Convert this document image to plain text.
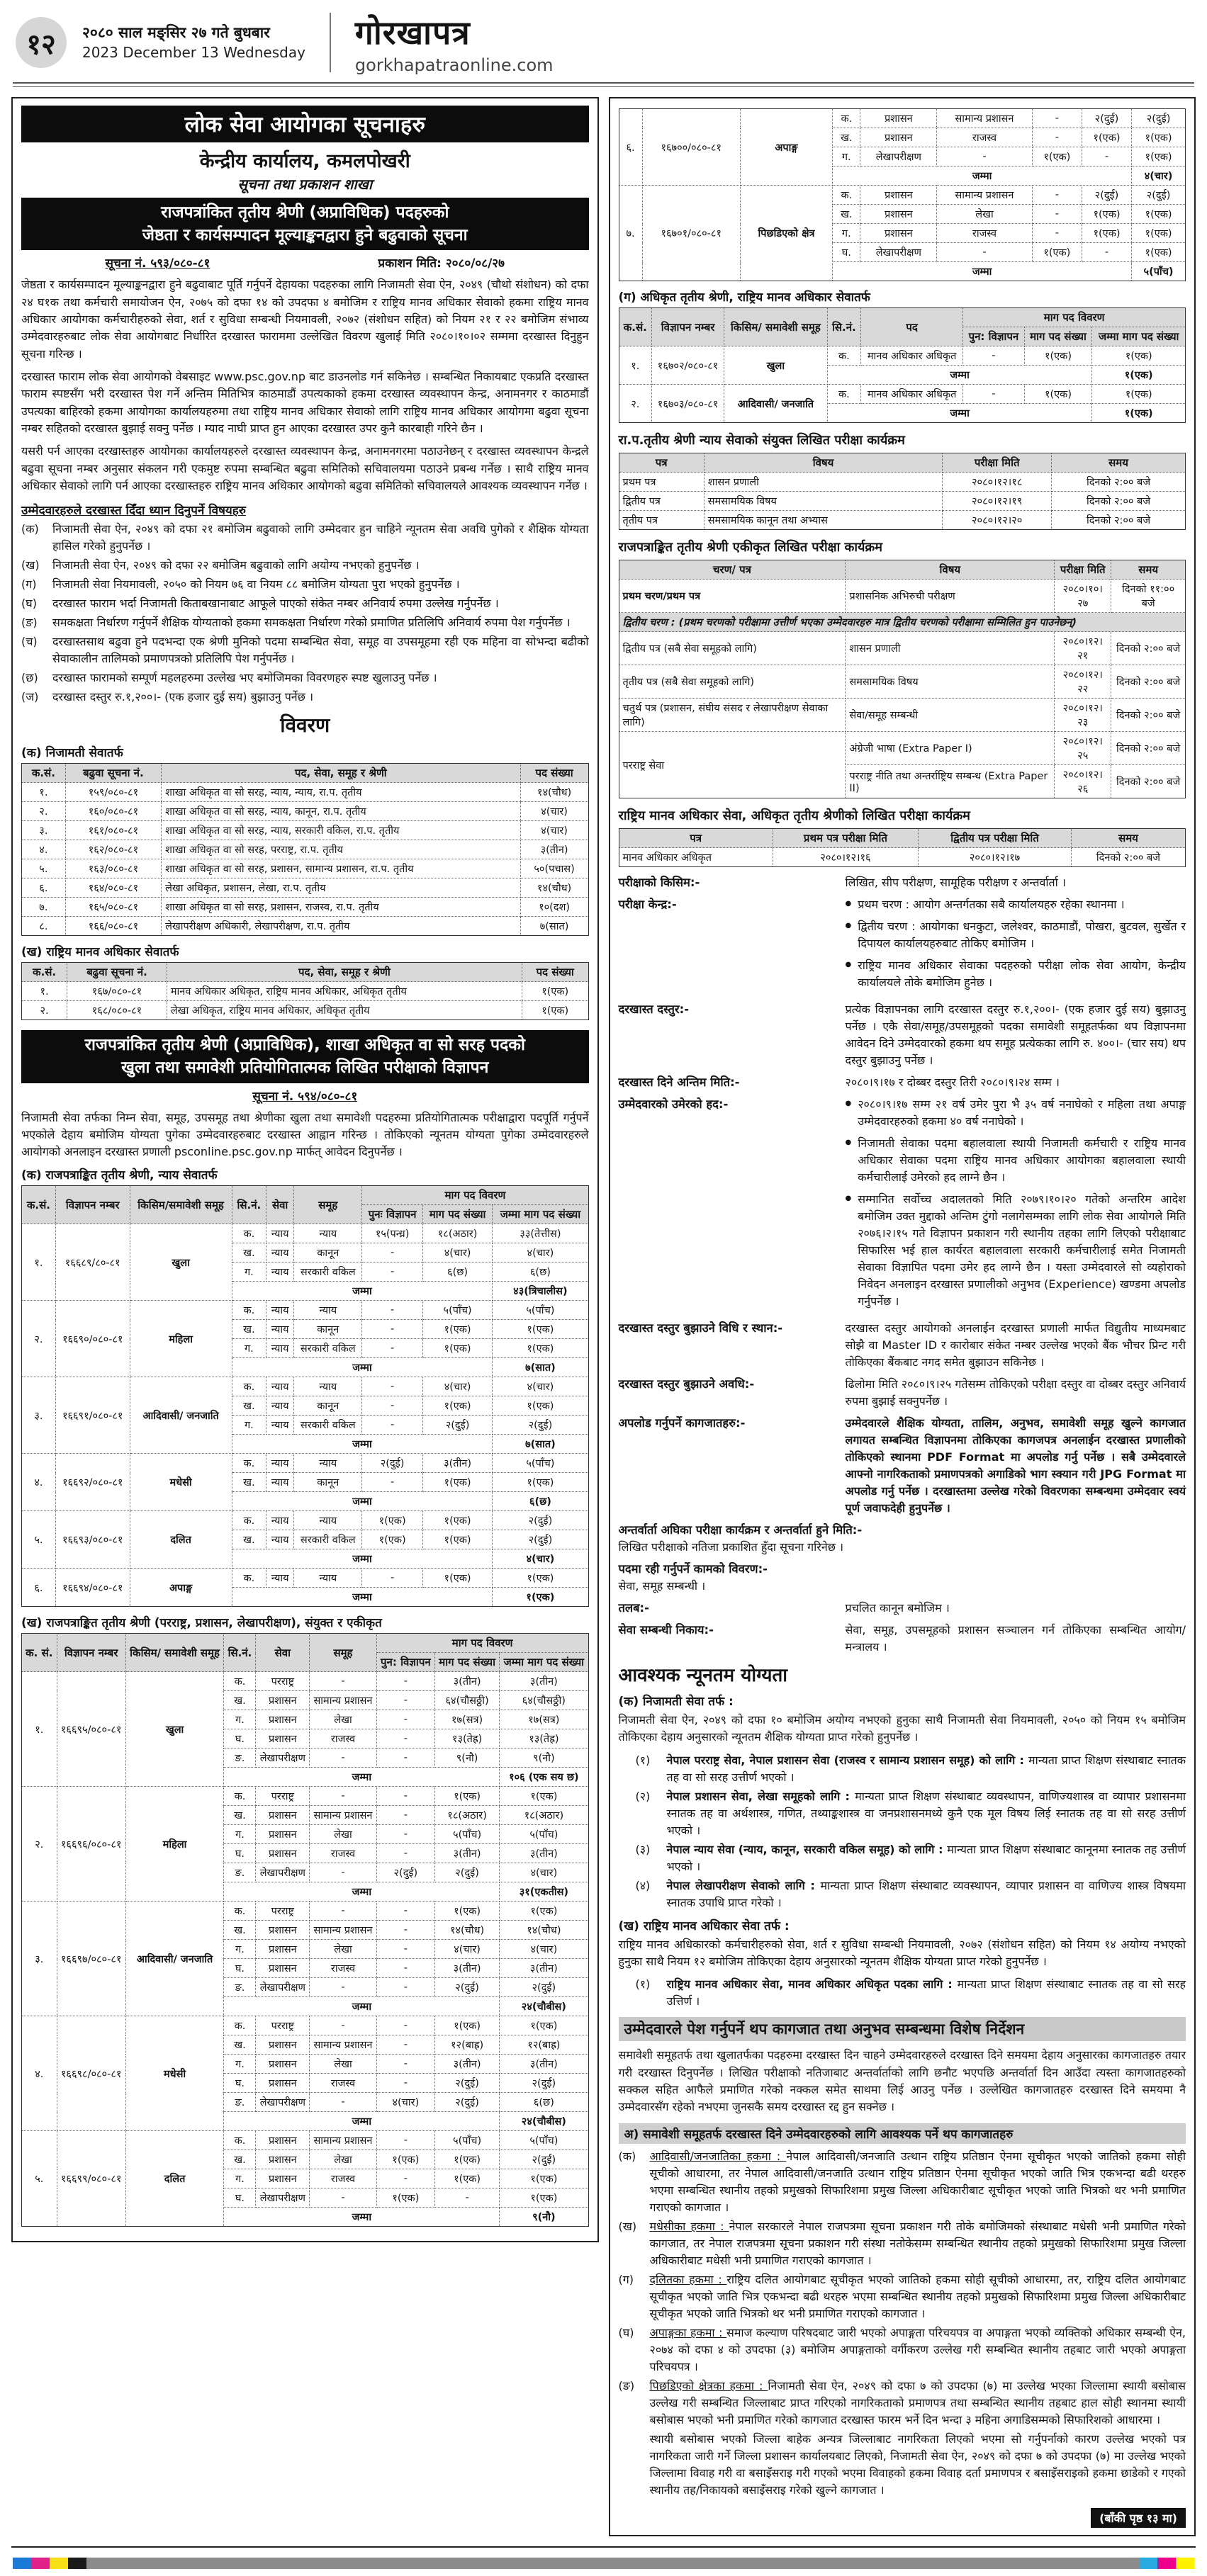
१२	२०८० साल मङ्सिर २७ गते बुधबार
2023 December 13 Wednesday
गोरखापत्र
gorkhapatraonline.com
लोक सेवा आयोगका सूचनाहरु
केन्द्रीय कार्यालय, कमलपोखरी
सूचना तथा प्रकाशन शाखा
राजपत्रांकित तृतीय श्रेणी (अप्राविधिक) पदहरुको
जेष्ठता र कार्यसम्पादन मूल्याङ्कनद्वारा हुने बढुवाको सूचना
सूचना नं. ५९३/०८०-८१	प्रकाशन मिति: २०८०/०८/२७

जेष्ठता र कार्यसम्पादन मूल्याङ्कनद्वारा हुने बढुवाबाट पूर्ति गर्नुपर्ने देहायका पदहरुका लागि निजामती सेवा ऐन, २०४९ (चौथो संशोधन) को दफा २४ घ१क तथा कर्मचारी समायोजन ऐन, २०७५ को दफा १४ को उपदफा ४ बमोजिम र राष्ट्रिय मानव अधिकार सेवाको हकमा राष्ट्रिय मानव अधिकार आयोगका कर्मचारीहरुको सेवा, शर्त र सुविधा सम्बन्धी नियमावली, २०७२ (संशोधन सहित) को नियम २१ र २२ बमोजिम संभाव्य उम्मेदवारहरुबाट लोक सेवा आयोगबाट निर्धारित दरखास्त फाराममा उल्लेखित विवरण खुलाई मिति २०८०।१०।०२ सम्ममा दरखास्त दिनुहुन सूचना गरिन्छ ।

दरखास्त फाराम लोक सेवा आयोगको वेबसाइट www.psc.gov.np बाट डाउनलोड गर्न सकिनेछ । सम्बन्धित निकायबाट एकप्रति दरखास्त फाराम स्पष्टसँग भरी दरखास्त पेश गर्ने अन्तिम मितिभित्र काठमाडौं उपत्यकाको हकमा दरखास्त व्यवस्थापन केन्द्र, अनामनगर र काठमाडौं उपत्यका बाहिरको हकमा आयोगका कार्यालयहरुमा तथा राष्ट्रिय मानव अधिकार सेवाको लागि राष्ट्रिय मानव अधिकार आयोगमा बढुवा सूचना नम्बर सहितको दरखास्त बुझाई सक्नु पर्नेछ । म्याद नाघी प्राप्त हुन आएका दरखास्त उपर कुनै कारबाही गरिने छैन ।

यसरी पर्न आएका दरखास्तहरु आयोगका कार्यालयहरुले दरखास्त व्यवस्थापन केन्द्र, अनामनगरमा पठाउनेछन् र दरखास्त व्यवस्थापन केन्द्रले बढुवा सूचना नम्बर अनुसार संकलन गरी एकमुष्ट रुपमा सम्बन्धित बढुवा समितिको सचिवालयमा पठाउने प्रबन्ध गर्नेछ । साथै राष्ट्रिय मानव अधिकार सेवाको लागि पर्न आएका दरखास्तहरु राष्ट्रिय मानव अधिकार आयोगको बढुवा समितिको सचिवालयले आवश्यक व्यवस्थापन गर्नेछ ।

उम्मेदवारहरुले दरखास्त दिँदा ध्यान दिनुपर्ने विषयहरु
(क)	निजामती सेवा ऐन, २०४९ को दफा २१ बमोजिम बढुवाको लागि उम्मेदवार हुन चाहिने न्यूनतम सेवा अवधि पुगेको र शैक्षिक योग्यता हासिल गरेको हुनुपर्नेछ ।
(ख)	निजामती सेवा ऐन, २०४९ को दफा २२ बमोजिम बढुवाको लागि अयोग्य नभएको हुनुपर्नेछ ।
(ग)	निजामती सेवा नियमावली, २०५० को नियम ७६ वा नियम ८८ बमोजिम योग्यता पुरा भएको हुनुपर्नेछ ।
(घ)	दरखास्त फाराम भर्दा निजामती किताबखानाबाट आफूले पाएको संकेत नम्बर अनिवार्य रुपमा उल्लेख गर्नुपर्नेछ ।
(ङ)	समकक्षता निर्धारण गर्नुपर्ने शैक्षिक योग्यताको हकमा समकक्षता निर्धारण गरेको प्रमाणित प्रतिलिपि अनिवार्य रुपमा पेश गर्नुपर्नेछ ।
(च)	दरखास्तसाथ बढुवा हुने पदभन्दा एक श्रेणी मुनिको पदमा सम्बन्धित सेवा, समूह वा उपसमूहमा रही एक महिना वा सोभन्दा बढीको सेवाकालीन तालिमको प्रमाणपत्रको प्रतिलिपि पेश गर्नुपर्नेछ ।
(छ)	दरखास्त फारामको सम्पूर्ण महलहरुमा उल्लेख भए बमोजिमका विवरणहरु स्पष्ट खुलाउनु पर्नेछ ।
(ज)	दरखास्त दस्तुर रु.१,२००।- (एक हजार दुई सय) बुझाउनु पर्नेछ ।
विवरण
(क) निजामती सेवातर्फ
क.सं.	बढुवा सूचना नं.	पद, सेवा, समूह र श्रेणी	पद संख्या
१.	१५९/०८०-८१	शाखा अधिकृत वा सो सरह, न्याय, न्याय, रा.प. तृतीय	१४(चौध)
२.	१६०/०८०-८१	शाखा अधिकृत वा सो सरह, न्याय, कानून, रा.प. तृतीय	४(चार)
३.	१६१/०८०-८१	शाखा अधिकृत वा सो सरह, न्याय, सरकारी वकिल, रा.प. तृतीय	४(चार)
४.	१६२/०८०-८१	शाखा अधिकृत वा सो सरह, परराष्ट्र, रा.प. तृतीय	३(तीन)
५.	१६३/०८०-८१	शाखा अधिकृत वा सो सरह, प्रशासन, सामान्य प्रशासन, रा.प. तृतीय	५०(पचास)
६.	१६४/०८०-८१	लेखा अधिकृत, प्रशासन, लेखा, रा.प. तृतीय	१४(चौध)
७.	१६५/०८०-८१	शाखा अधिकृत वा सो सरह, प्रशासन, राजस्व, रा.प. तृतीय	१०(दश)
८.	१६६/०८०-८१	लेखापरीक्षण अधिकारी, लेखापरीक्षण, रा.प. तृतीय	७(सात)
(ख) राष्ट्रिय मानव अधिकार सेवातर्फ
क.सं.	बढुवा सूचना नं.	पद, सेवा, समूह र श्रेणी	पद संख्या
१.	१६७/०८०-८१	मानव अधिकार अधिकृत, राष्ट्रिय मानव अधिकार, अधिकृत तृतीय	१(एक)
२.	१६८/०८०-८१	लेखा अधिकृत, राष्ट्रिय मानव अधिकार, अधिकृत तृतीय	१(एक)
राजपत्रांकित तृतीय श्रेणी (अप्राविधिक), शाखा अधिकृत वा सो सरह पदको
खुला तथा समावेशी प्रतियोगितात्मक लिखित परीक्षाको विज्ञापन
सूचना नं. ५९४/०८०-८१

निजामती सेवा तर्फका निम्न सेवा, समूह, उपसमूह तथा श्रेणीका खुला तथा समावेशी पदहरुमा प्रतियोगितात्मक परीक्षाद्वारा पदपूर्ति गर्नुपर्ने भएकोले देहाय बमोजिम योग्यता पुगेका उम्मेदवारहरुबाट दरखास्त आह्वान गरिन्छ । तोकिएको न्यूनतम योग्यता पुगेका उम्मेदवारहरुले आयोगको अनलाइन दरखास्त प्रणाली psconline.psc.gov.np मार्फत् आवेदन दिनुपर्नेछ ।

(क) राजपत्राङ्कित तृतीय श्रेणी, न्याय सेवातर्फ
क.सं.	विज्ञापन नम्बर	किसिम/समावेशी समूह	सि.नं.	सेवा	समूह	माग पद विवरण		
						पुनः विज्ञापन	माग पद संख्या	जम्मा माग पद संख्या
१.	१६६८९/८०-८१	खुला	क.	न्याय	न्याय	१५(पन्ध्र)	१८(अठार)	३३(तेत्तीस)
			ख.	न्याय	कानून	-	४(चार)	४(चार)
			ग.	न्याय	सरकारी वकिल	-	६(छ)	६(छ)
			जम्मा					४३(त्रिचालीस)
२.	१६६९०/०८०-८१	महिला	क.	न्याय	न्याय	-	५(पाँच)	५(पाँच)
			ख.	न्याय	कानून	-	१(एक)	१(एक)
			ग.	न्याय	सरकारी वकिल	-	१(एक)	१(एक)
			जम्मा					७(सात)
३.	१६६९१/०८०-८१	आदिवासी/ जनजाति	क.	न्याय	न्याय	-	४(चार)	४(चार)
			ख.	न्याय	कानून	-	१(एक)	१(एक)
			ग.	न्याय	सरकारी वकिल	-	२(दुई)	२(दुई)
			जम्मा					७(सात)
४.	१६६९२/०८०-८१	मधेसी	क.	न्याय	न्याय	२(दुई)	३(तीन)	५(पाँच)
			ख.	न्याय	कानून	-	१(एक)	१(एक)
			जम्मा					६(छ)
५.	१६६९३/०८०-८१	दलित	क.	न्याय	न्याय	१(एक)	१(एक)	२(दुई)
			ख.	न्याय	सरकारी वकिल	१(एक)	१(एक)	२(दुई)
			जम्मा					४(चार)
६.	१६६९४/०८०-८१	अपाङ्ग	क.	न्याय	न्याय	-	१(एक)	१(एक)
			जम्मा					१(एक)
(ख) राजपत्राङ्कित तृतीय श्रेणी (परराष्ट्र, प्रशासन, लेखापरीक्षण), संयुक्त र एकीकृत
क. सं.	विज्ञापन नम्बर	किसिम/ समावेशी समूह	सि.नं.	सेवा	समूह	माग पद विवरण		
						पुन: विज्ञापन	माग पद संख्या	जम्मा माग पद संख्या
१.	१६६९५/०८०-८१	खुला	क.	परराष्ट्र	-	-	३(तीन)	३(तीन)
			ख.	प्रशासन	सामान्य प्रशासन	-	६४(चौसठ्ठी)	६४(चौसठ्ठी)
			ग.	प्रशासन	लेखा	-	१७(सत्र)	१७(सत्र)
			घ.	प्रशासन	राजस्व	-	१३(तेह्र)	१३(तेह्र)
			ङ.	लेखापरीक्षण	-	-	९(नौ)	९(नौ)
			जम्मा					१०६ (एक सय छ)
२.	१६६९६/०८०-८१	महिला	क.	परराष्ट्र	-	-	१(एक)	१(एक)
			ख.	प्रशासन	सामान्य प्रशासन	-	१८(अठार)	१८(अठार)
			ग.	प्रशासन	लेखा	-	५(पाँच)	५(पाँच)
			घ.	प्रशासन	राजस्व	-	३(तीन)	३(तीन)
			ङ.	लेखापरीक्षण	-	२(दुई)	२(दुई)	४(चार)
			जम्मा					३१(एकतीस)
३.	१६६९७/०८०-८१	आदिवासी/ जनजाति	क.	परराष्ट्र	-	-	१(एक)	१(एक)
			ख.	प्रशासन	सामान्य प्रशासन	-	१४(चौध)	१४(चौध)
			ग.	प्रशासन	लेखा	-	४(चार)	४(चार)
			घ.	प्रशासन	राजस्व	-	३(तीन)	३(तीन)
			ङ.	लेखापरीक्षण	-	-	२(दुई)	२(दुई)
			जम्मा					२४(चौबीस)
४.	१६६९८/०८०-८१	मधेसी	क.	परराष्ट्र	-	-	१(एक)	१(एक)
			ख.	प्रशासन	सामान्य प्रशासन	-	१२(बाह्र)	१२(बाह्र)
			ग.	प्रशासन	लेखा	-	३(तीन)	३(तीन)
			घ.	प्रशासन	राजस्व	-	२(दुई)	२(दुई)
			ङ.	लेखापरीक्षण	-	४(चार)	२(दुई)	६(छ)
			जम्मा					२४(चौबीस)
५.	१६६९९/०८०-८१	दलित	क.	प्रशासन	सामान्य प्रशासन	-	५(पाँच)	५(पाँच)
			ख.	प्रशासन	लेखा	१(एक)	१(एक)	२(दुई)
			ग.	प्रशासन	राजस्व	-	१(एक)	१(एक)
			घ.	लेखापरीक्षण	-	१(एक)	-	१(एक)
			जम्मा					९(नौ)
६.	१६७००/०८०-८१	अपाङ्ग	क.	प्रशासन	सामान्य प्रशासन	-	२(दुई)	२(दुई)
			ख.	प्रशासन	राजस्व	-	१(एक)	१(एक)
			ग.	लेखापरीक्षण	-	१(एक)	-	१(एक)
			जम्मा					४(चार)
७.	१६७०१/०८०-८१	पिछडिएको क्षेत्र	क.	प्रशासन	सामान्य प्रशासन	-	२(दुई)	२(दुई)
			ख.	प्रशासन	लेखा	-	१(एक)	१(एक)
			ग.	प्रशासन	राजस्व	-	१(एक)	१(एक)
			घ.	लेखापरीक्षण	-	१(एक)	-	१(एक)
			जम्मा					५(पाँच)
(ग) अधिकृत तृतीय श्रेणी, राष्ट्रिय मानव अधिकार सेवातर्फ
क.सं.	विज्ञापन नम्बर	किसिम/ समावेशी समूह	सि.नं.	पद	माग पद विवरण		
					पुन: विज्ञापन	माग पद संख्या	जम्मा माग पद संख्या
१.	१६७०२/०८०-८१	खुला	क.	मानव अधिकार अधिकृत	-	१(एक)	१(एक)
			जम्मा				१(एक)
२.	१६७०३/०८०-८१	आदिवासी/ जनजाति	क.	मानव अधिकार अधिकृत	-	१(एक)	१(एक)
			जम्मा				१(एक)
रा.प.तृतीय श्रेणी न्याय सेवाको संयुक्त लिखित परीक्षा कार्यक्रम
पत्र	विषय	परीक्षा मिति	समय
प्रथम पत्र	शासन प्रणाली	२०८०।१२।१८	दिनको २:०० बजे
द्वितीय पत्र	समसामयिक विषय	२०८०।१२।१९	दिनको २:०० बजे
तृतीय पत्र	समसामयिक कानून तथा अभ्यास	२०८०।१२।२०	दिनको २:०० बजे
राजपत्राङ्कित तृतीय श्रेणी एकीकृत लिखित परीक्षा कार्यक्रम
चरण/ पत्र	विषय	परीक्षा मिति	समय
प्रथम चरण/प्रथम पत्र	प्रशासनिक अभिरुची परीक्षण	२०८०।१०।२७	दिनको ११:०० बजे
द्वितीय चरण : (प्रथम चरणको परीक्षामा उत्तीर्ण भएका उम्मेदवारहरु मात्र द्वितीय चरणको परीक्षामा सम्मिलित हुन पाउनेछन्)			
द्वितीय पत्र (सबै सेवा समूहको लागि)	शासन प्रणाली	२०८०।१२।२१	दिनको २:०० बजे
तृतीय पत्र (सबै सेवा समूहको लागि)	समसामयिक विषय	२०८०।१२।२२	दिनको २:०० बजे
चतुर्थ पत्र (प्रशासन, संघीय संसद र लेखापरीक्षण सेवाका लागि)	सेवा/समूह सम्बन्धी	२०८०।१२।२३	दिनको २:०० बजे
परराष्ट्र सेवा	अंग्रेजी भाषा (Extra Paper I)	२०८०।१२।२५	दिनको २:०० बजे
	परराष्ट्र नीति तथा अन्तर्राष्ट्रिय सम्बन्ध (Extra Paper II)	२०८०।१२।२६	दिनको २:०० बजे
राष्ट्रिय मानव अधिकार सेवा, अधिकृत तृतीय श्रेणीको लिखित परीक्षा कार्यक्रम
पत्र	प्रथम पत्र परीक्षा मिति	द्वितीय पत्र परीक्षा मिति	समय
मानव अधिकार अधिकृत	२०८०।१२।१६	२०८०।१२।१७	दिनको २:०० बजे
परीक्षाको किसिम:-	लिखित, सीप परीक्षण, सामूहिक परीक्षण र अन्तर्वार्ता ।
परीक्षा केन्द्र:-	● प्रथम चरण : आयोग अन्तर्गतका सबै कार्यालयहरु रहेका स्थानमा ।
● द्वितीय चरण : आयोगका धनकुटा, जलेश्वर, काठमाडौं, पोखरा, बुटवल, सुर्खेत र दिपायल कार्यालयहरुबाट तोकिए बमोजिम ।
● राष्ट्रिय मानव अधिकार सेवाका पदहरुको परीक्षा लोक सेवा आयोग, केन्द्रीय कार्यालयले तोके बमोजिम हुनेछ ।
दरखास्त दस्तुर:-	प्रत्येक विज्ञापनका लागि दरखास्त दस्तुर रु.१,२००।- (एक हजार दुई सय) बुझाउनु पर्नेछ । एकै सेवा/समूह/उपसमूहको पदका समावेशी समूहतर्फका थप विज्ञापनमा आवेदन दिने उम्मेदवारको हकमा थप समूह प्रत्येकका लागि रु. ४००।- (चार सय) थप दस्तुर बुझाउनु पर्नेछ ।
दरखास्त दिने अन्तिम मिति:-	२०८०।९।१७ र दोब्बर दस्तुर तिरी २०८०।९।२४ सम्म ।
उम्मेदवारको उमेरको हद:-	● २०८०।९।१७ सम्म २१ वर्ष उमेर पुरा भै ३५ वर्ष ननाघेको र महिला तथा अपाङ्ग उम्मेदवारहरुको हकमा ४० वर्ष ननाघेको ।
● निजामती सेवाका पदमा बहालवाला स्थायी निजामती कर्मचारी र राष्ट्रिय मानव अधिकार सेवाका पदमा राष्ट्रिय मानव अधिकार आयोगका बहालवाला स्थायी कर्मचारीलाई उमेरको हद लाग्ने छैन ।
● सम्मानित सर्वोच्च अदालतको मिति २०७९।१०।२० गतेको अन्तरिम आदेश बमोजिम उक्त मुद्दाको अन्तिम टुंगो नलागेसम्मका लागि लोक सेवा आयोगले मिति २०७६।२।१५ गते विज्ञापन प्रकाशन गरी स्थानीय तहका लागि लिएको परीक्षाबाट सिफारिस भई हाल कार्यरत बहालवाला सरकारी कर्मचारीलाई समेत निजामती सेवाका विज्ञापित पदमा उमेर हद लाग्ने छैन । यस्ता उम्मेदवारले सो व्यहोराको निवेदन अनलाइन दरखास्त प्रणालीको अनुभव (Experience) खण्डमा अपलोड गर्नुपर्नेछ ।
दरखास्त दस्तुर बुझाउने विधि र स्थान:-	दरखास्त दस्तुर आयोगको अनलाईन दरखास्त प्रणाली मार्फत विद्युतीय माध्यमबाट सोझै वा Master ID र कारोबार संकेत नम्बर उल्लेख भएको बैंक भौचर प्रिन्ट गरी तोकिएका बैंकबाट नगद समेत बुझाउन सकिनेछ ।
दरखास्त दस्तुर बुझाउने अवधि:-	ढिलोमा मिति २०८०।९।२५ गतेसम्म तोकिएको परीक्षा दस्तुर वा दोब्बर दस्तुर अनिवार्य रुपमा बुझाई सक्नुपर्नेछ ।
अपलोड गर्नुपर्ने कागजातहरु:-	उम्मेदवारले शैक्षिक योग्यता, तालिम, अनुभव, समावेशी समूह खुल्ने कागजात लगायत सम्बन्धित विज्ञापनमा तोकिएका कागजपत्र अनलाईन दरखास्त प्रणालीको तोकिएको स्थानमा PDF Format मा अपलोड गर्नु पर्नेछ । सबै उम्मेदवारले आफ्नो नागरिकताको प्रमाणपत्रको अगाडिको भाग स्क्यान गरी JPG Format मा अपलोड गर्नु पर्नेछ । दरखास्तमा उल्लेख गरेको विवरणका सम्बन्धमा उम्मेदवार स्वयं पूर्ण जवाफदेही हुनुपर्नेछ ।
अन्तर्वार्ता अघिका परीक्षा कार्यक्रम र अन्तर्वार्ता हुने मिति:-
लिखित परीक्षाको नतिजा प्रकाशित हुँदा सूचना गरिनेछ ।
पदमा रही गर्नुपर्ने कामको विवरण:-
सेवा, समूह सम्बन्धी ।
तलब:-	प्रचलित कानून बमोजिम ।
सेवा सम्बन्धी निकाय:-	सेवा, समूह, उपसमूहको प्रशासन सञ्चालन गर्न तोकिएका सम्बन्धित आयोग/मन्त्रालय ।
आवश्यक न्यूनतम योग्यता
(क) निजामती सेवा तर्फ :

निजामती सेवा ऐन, २०४९ को दफा १० बमोजिम अयोग्य नभएको हुनुका साथै निजामती सेवा नियमावली, २०५० को नियम १५ बमोजिम तोकिएका देहाय अनुसारको न्यूनतम शैक्षिक योग्यता प्राप्त गरेको हुनुपर्नेछ ।

(१)	नेपाल परराष्ट्र सेवा, नेपाल प्रशासन सेवा (राजस्व र सामान्य प्रशासन समूह) को लागि : मान्यता प्राप्त शिक्षण संस्थाबाट स्नातक तह वा सो सरह उत्तीर्ण भएको ।
(२)	नेपाल प्रशासन सेवा, लेखा समूहको लागि : मान्यता प्राप्त शिक्षण संस्थाबाट व्यवस्थापन, वाणिज्यशास्त्र वा व्यापार प्रशासनमा स्नातक तह वा अर्थशास्त्र, गणित, तथ्याङ्कशास्त्र वा जनप्रशासनमध्ये कुनै एक मूल विषय लिई स्नातक तह वा सो सरह उत्तीर्ण भएको ।
(३)	नेपाल न्याय सेवा (न्याय, कानून, सरकारी वकिल समूह) को लागि : मान्यता प्राप्त शिक्षण संस्थाबाट कानूनमा स्नातक तह उत्तीर्ण भएको ।
(४)	नेपाल लेखापरीक्षण सेवाको लागि : मान्यता प्राप्त शिक्षण संस्थाबाट व्यवस्थापन, व्यापार प्रशासन वा वाणिज्य शास्त्र विषयमा स्नातक उपाधि प्राप्त गरेको ।
(ख) राष्ट्रिय मानव अधिकार सेवा तर्फ :

राष्ट्रिय मानव अधिकारको कर्मचारीहरुको सेवा, शर्त र सुविधा सम्बन्धी नियमावली, २०७२ (संशोधन सहित) को नियम १४ अयोग्य नभएको हुनुका साथै नियम १२ बमोजिम तोकिएका देहाय अनुसारको न्यूनतम शैक्षिक योग्यता प्राप्त गरेको हुनुपर्नेछ ।

(१)	राष्ट्रिय मानव अधिकार सेवा, मानव अधिकार अधिकृत पदका लागि : मान्यता प्राप्त शिक्षण संस्थाबाट स्नातक तह वा सो सरह उत्तिर्ण ।
उम्मेदवारले पेश गर्नुपर्ने थप कागजात तथा अनुभव सम्बन्धमा विशेष निर्देशन

समावेशी समूहतर्फ तथा खुलातर्फका पदहरुमा दरखास्त दिन चाहने उम्मेदवारहरुले दरखास्त दिने समयमा देहाय अनुसारका कागजातहरु तयार गरी दरखास्त दिनुपर्नेछ । लिखित परीक्षाको नतिजाबाट अन्तर्वार्ताको लागि छनौट भएपछि अन्तर्वार्ता दिन आउँदा त्यस्ता कागजातहरुको सक्कल सहित आफैले प्रमाणित गरेको नक्कल समेत साथमा लिई आउनु पर्नेछ । उल्लेखित कागजातहरु दरखास्त दिने समयमा नै उम्मेदवारसँग रहेको नभएमा जुनसकै समय दरखास्त रद्द हुन सक्नेछ ।

अ) समावेशी समूहतर्फ दरखास्त दिने उम्मेदवारहरुको लागि आवश्यक पर्ने थप कागजातहरु
(क)	आदिवासी/जनजातिका हकमा : नेपाल आदिवासी/जनजाति उत्थान राष्ट्रिय प्रतिष्ठान ऐनमा सूचीकृत भएको जातिको हकमा सोही सूचीको आधारमा, तर नेपाल आदिवासी/जनजाति उत्थान राष्ट्रिय प्रतिष्ठान ऐनमा सूचीकृत भएको जाति भित्र एकभन्दा बढी थरहरु भएमा सम्बन्धित स्थानीय तहको प्रमुखको सिफारिशमा प्रमुख जिल्ला अधिकारीबाट सूचीकृत भएको जाति भित्रको थर भनी प्रमाणित गराएको कागजात ।
(ख)	मधेसीका हकमा : नेपाल सरकारले नेपाल राजपत्रमा सूचना प्रकाशन गरी तोके बमोजिमको संस्थाबाट मधेसी भनी प्रमाणित गरेको कागजात, तर नेपाल राजपत्रमा सूचना प्रकाशन गरी संस्था नतोकेसम्म सम्बन्धित स्थानीय तहको प्रमुखको सिफारिशमा प्रमुख जिल्ला अधिकारीबाट मधेसी भनी प्रमाणित गराएको कागजात ।
(ग)	दलितका हकमा : राष्ट्रिय दलित आयोगबाट सूचीकृत भएको जातिको हकमा सोही सूचीको आधारमा, तर, राष्ट्रिय दलित आयोगबाट सूचीकृत भएको जाति भित्र एकभन्दा बढी थरहरु भएमा सम्बन्धित स्थानीय तहको प्रमुखको सिफारिशमा प्रमुख जिल्ला अधिकारीबाट सूचीकृत भएको जाति भित्रको थर भनी प्रमाणित गराएको कागजात ।
(घ)	अपाङ्गका हकमा : समाज कल्याण परिषदबाट जारी भएको अपाङ्गता परिचयपत्र वा अपाङ्गता भएको व्यक्तिको अधिकार सम्बन्धी ऐन, २०७४ को दफा ४ को उपदफा (३) बमोजिम अपाङ्गताको वर्गीकरण उल्लेख गरी सम्बन्धित स्थानीय तहबाट जारी भएको अपाङ्गता परिचयपत्र ।
(ङ)	पिछडिएको क्षेत्रका हकमा : निजामती सेवा ऐन, २०४९ को दफा ७ को उपदफा (७) मा उल्लेख भएका जिल्लामा स्थायी बसोबास उल्लेख गरी सम्बन्धित जिल्लाबाट प्राप्त गरिएको नागरिकताको प्रमाणपत्र तथा सम्बन्धित स्थानीय तहबाट हाल सोही स्थानमा स्थायी बसोबास भएको भनी प्रमाणित गरेको कागजात दरखास्त फारम भर्ने दिन भन्दा ३ महिना अगाडिसम्मको सिफारिशको आधारमा ।

स्थायी बसोबास भएको जिल्ला बाहेक अन्यत्र जिल्लाबाट नागरिकता लिएको भएमा सो गर्नुपर्नाको कारण उल्लेख भएको पत्र नागरिकता जारी गर्ने जिल्ला प्रशासन कार्यालयबाट लिएको, निजामती सेवा ऐन, २०४९ को दफा ७ को उपदफा (७) मा उल्लेख भएको जिल्लामा विवाह गरी वा बसाइँसराइ गरी गएको भएमा विवाहको हकमा विवाह दर्ता प्रमाणपत्र र बसाइँसराइको हकमा छाडेको र गएको स्थानीय तह/निकायको बसाइँसराइ गरेको खुल्ने कागजात ।

(बाँकी पृष्ठ १३ मा)
